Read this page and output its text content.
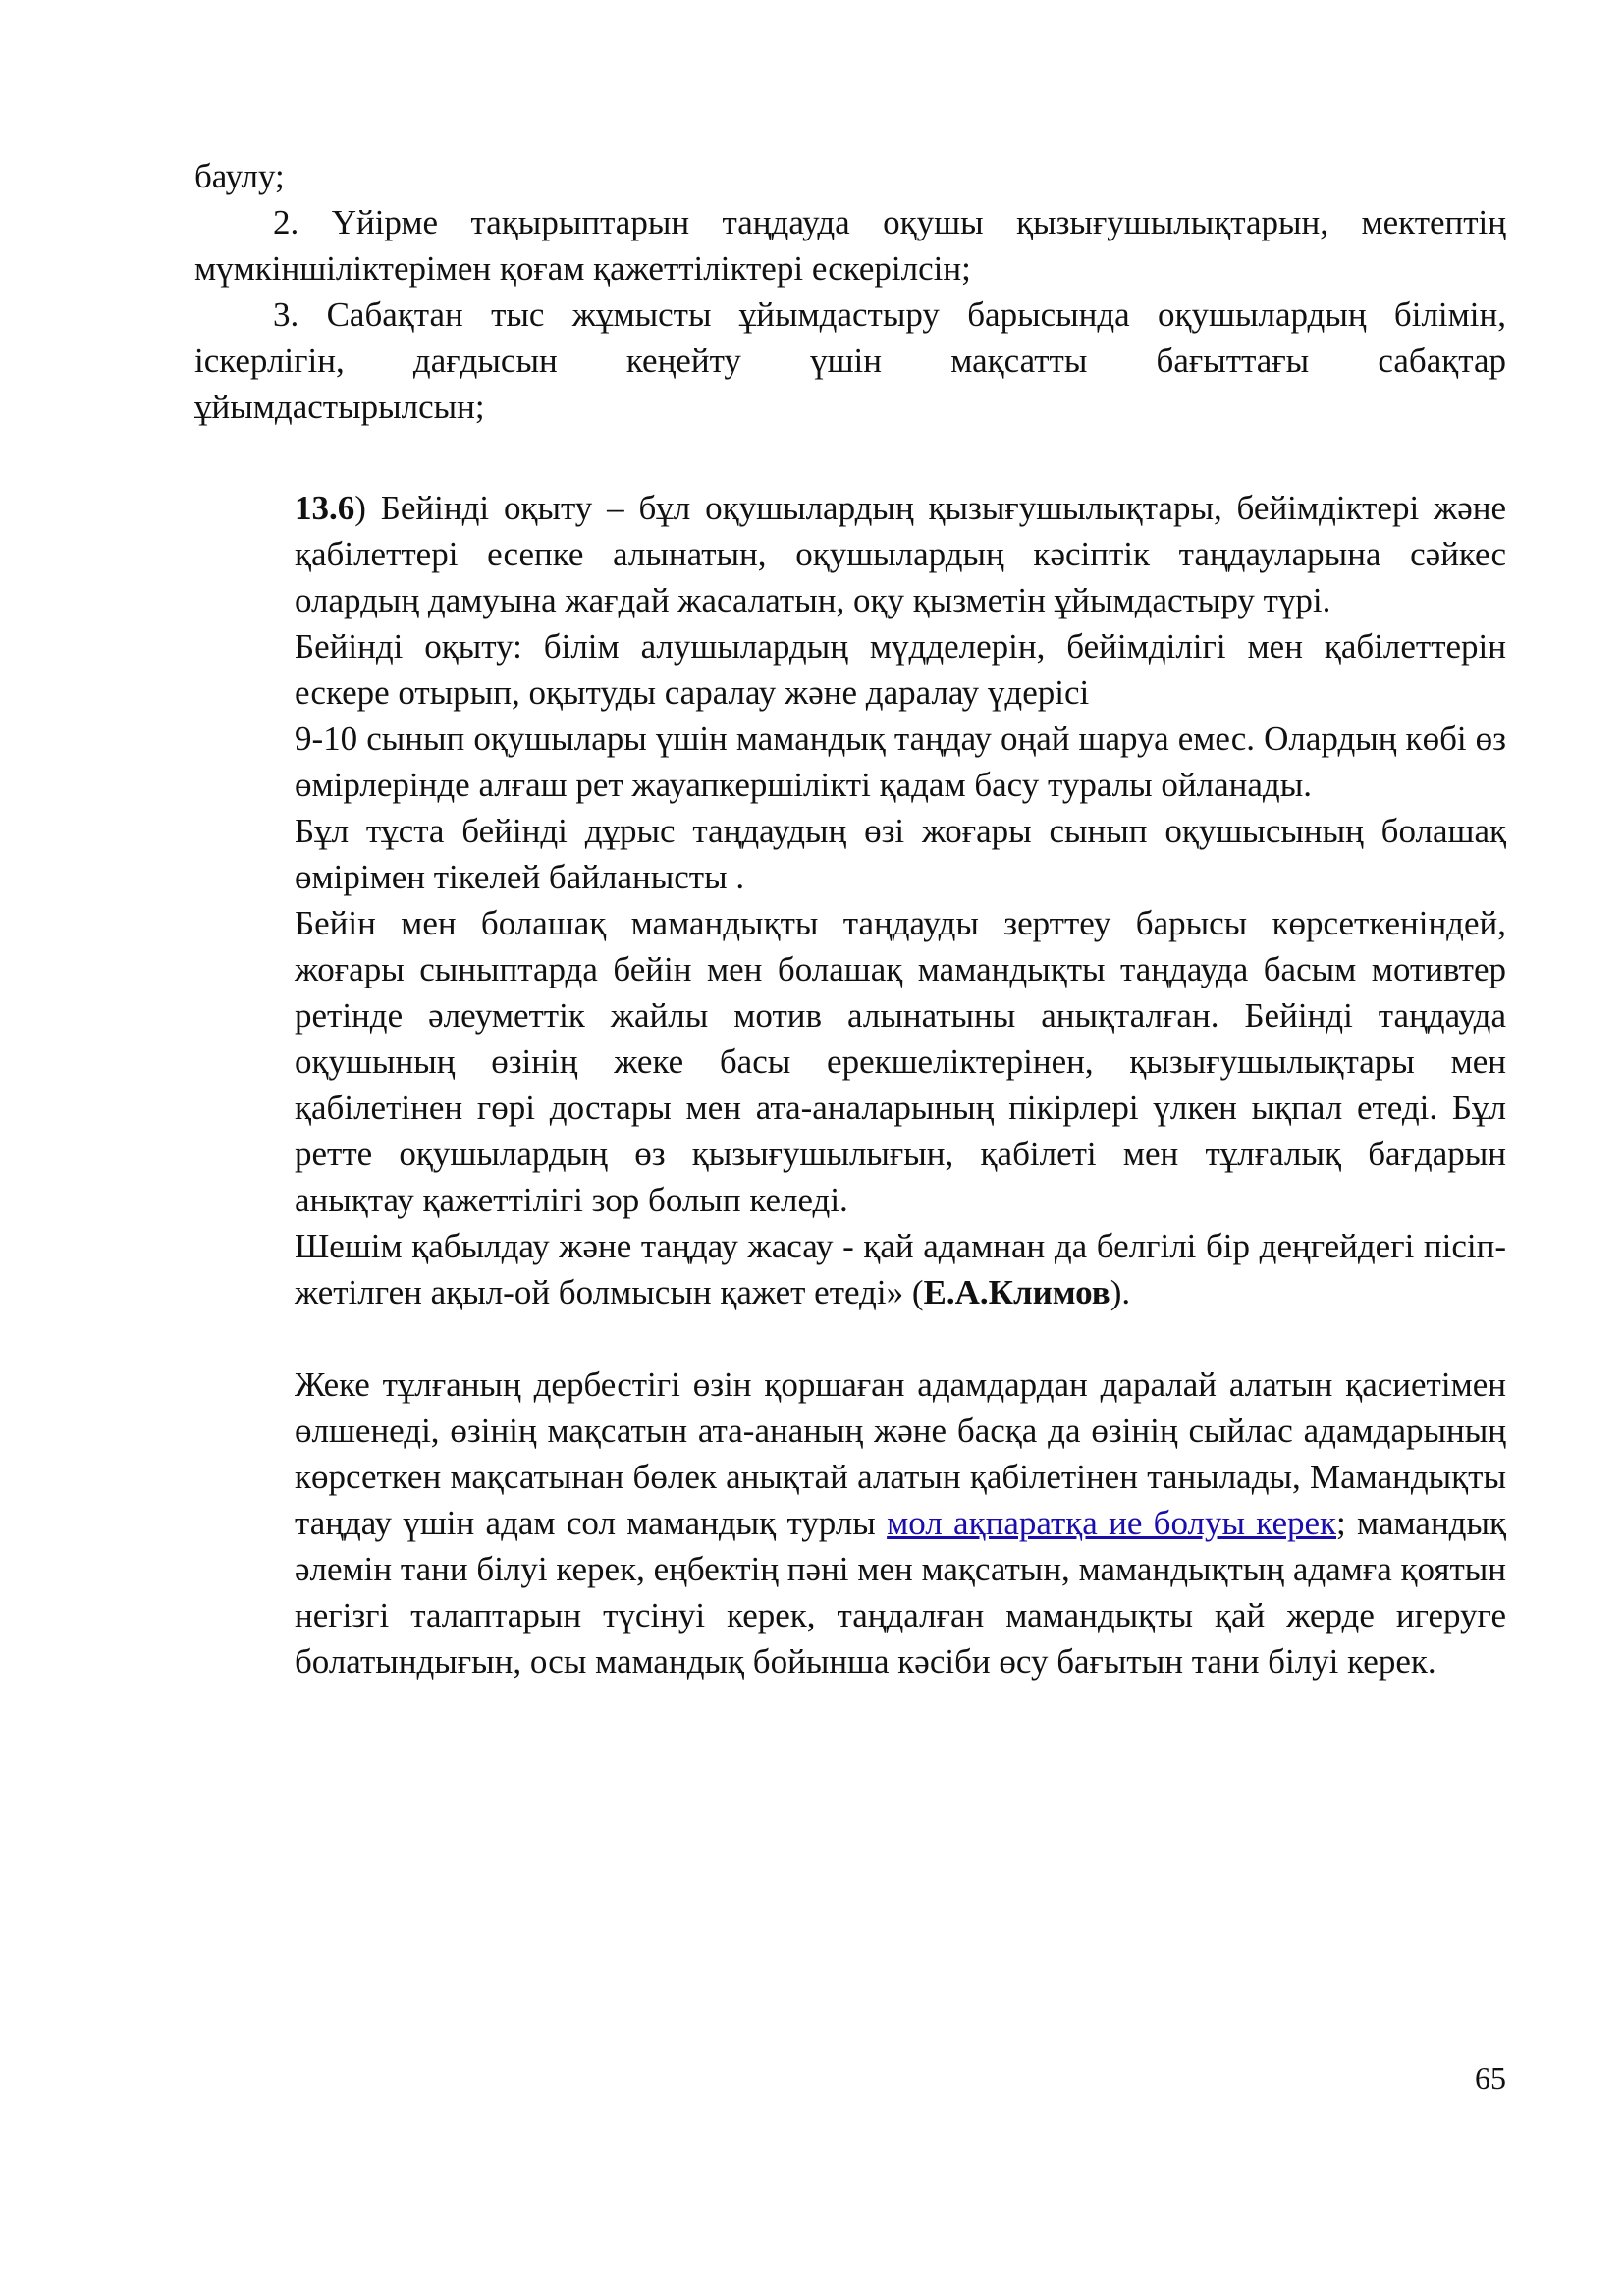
баулу;

2. Үйірме тақырыптарын таңдауда оқушы қызығушылықтарын, мектептің мүмкіншіліктерімен қоғам қажеттіліктері ескерілсін;

3. Сабақтан тыс жұмысты ұйымдастыру барысында оқушылардың білімін,

іскерлігін, дағдысын кеңейту үшін мақсатты бағыттағы сабақтар

ұйымдастырылсын;

13.6) Бейінді оқыту – бұл оқушылардың қызығушылықтары, бейімдіктері және қабілеттері есепке алынатын, оқушылардың кәсіптік таңдауларына сәйкес олардың дамуына жағдай жасалатын, оқу қызметін ұйымдастыру түрі.

Бейінді оқыту: білім алушылардың мүдделерін, бейімділігі мен қабілеттерін ескере отырып, оқытуды саралау және даралау үдерісі

9-10 сынып оқушылары үшін мамандық таңдау оңай шаруа емес. Олардың көбі өз өмірлерінде алғаш рет жауапкершілікті қадам басу туралы ойланады.

Бұл тұста бейінді дұрыс таңдаудың өзі жоғары сынып оқушысының болашақ өмірімен тікелей байланысты .

Бейін мен болашақ мамандықты таңдауды зерттеу барысы көрсеткеніндей, жоғары сыныптарда бейін мен болашақ мамандықты таңдауда басым мотивтер ретінде әлеуметтік жайлы мотив алынатыны анықталған. Бейінді таңдауда оқушының өзінің жеке басы ерекшеліктерінен, қызығушылықтары мен қабілетінен гөрі достары мен ата-аналарының пікірлері үлкен ықпал етеді. Бұл ретте оқушылардың өз қызығушылығын, қабілеті мен тұлғалық бағдарын анықтау қажеттілігі зор болып келеді.

Шешім қабылдау және таңдау жасау - қай адамнан да белгілі бір деңгейдегі пісіп-жетілген ақыл-ой болмысын қажет етеді» (Е.А.Климов).

Жеке тұлғаның дербестігі өзін қоршаған адамдардан даралай алатын қасиетімен өлшенеді, өзінің мақсатын ата-ананың және басқа да өзінің сыйлас адамдарының көрсеткен мақсатынан бөлек анықтай алатын қабілетінен танылады, Мамандықты таңдау үшін адам сол мамандық турлы мол ақпаратқа ие болуы керек; мамандық әлемін тани білуі керек, еңбектің пәні мен мақсатын, мамандықтың адамға қоятын негізгі талаптарын түсінуі керек, таңдалған мамандықты қай жерде игеруге болатындығын, осы мамандық бойынша кәсіби өсу бағытын тани білуі керек.

65
